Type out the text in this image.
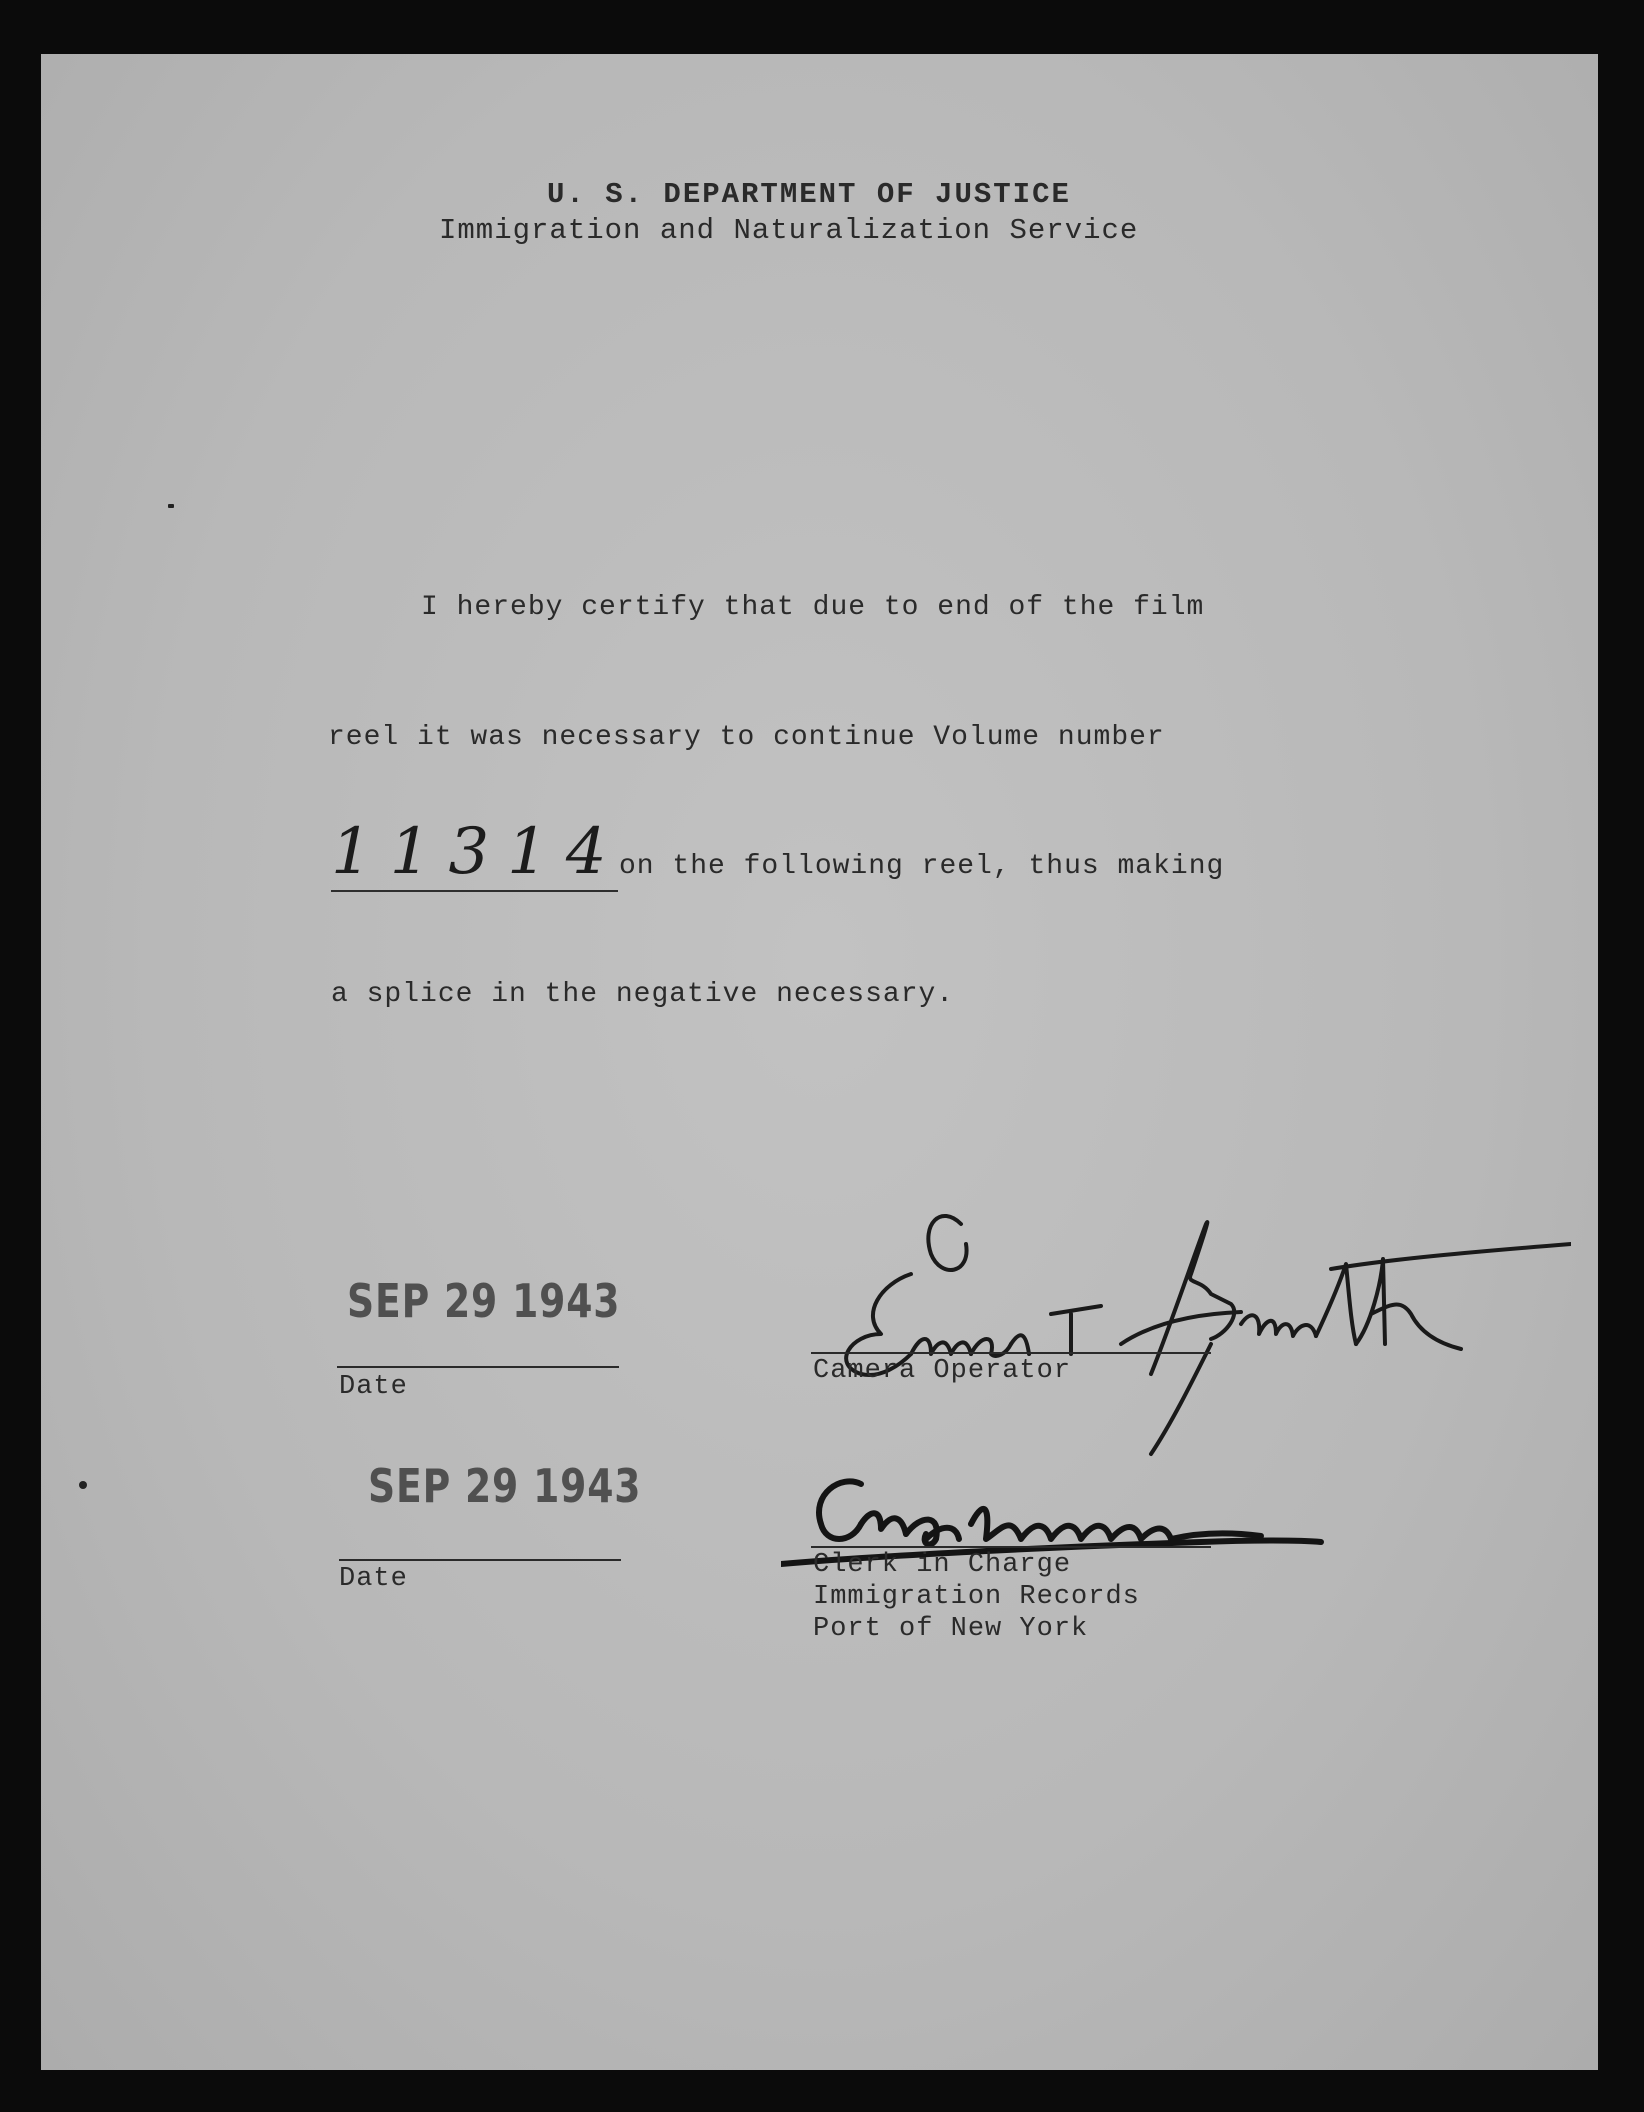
U. S. DEPARTMENT OF JUSTICE
Immigration and Naturalization Service
I hereby certify that due to end of the film
reel it was necessary to continue Volume number
11314
on the following reel, thus making
a splice in the negative necessary.
SEP 29 1943
Date
SEP 29 1943
Date
Camera Operator
Clerk in Charge
Immigration Records
Port of New York
